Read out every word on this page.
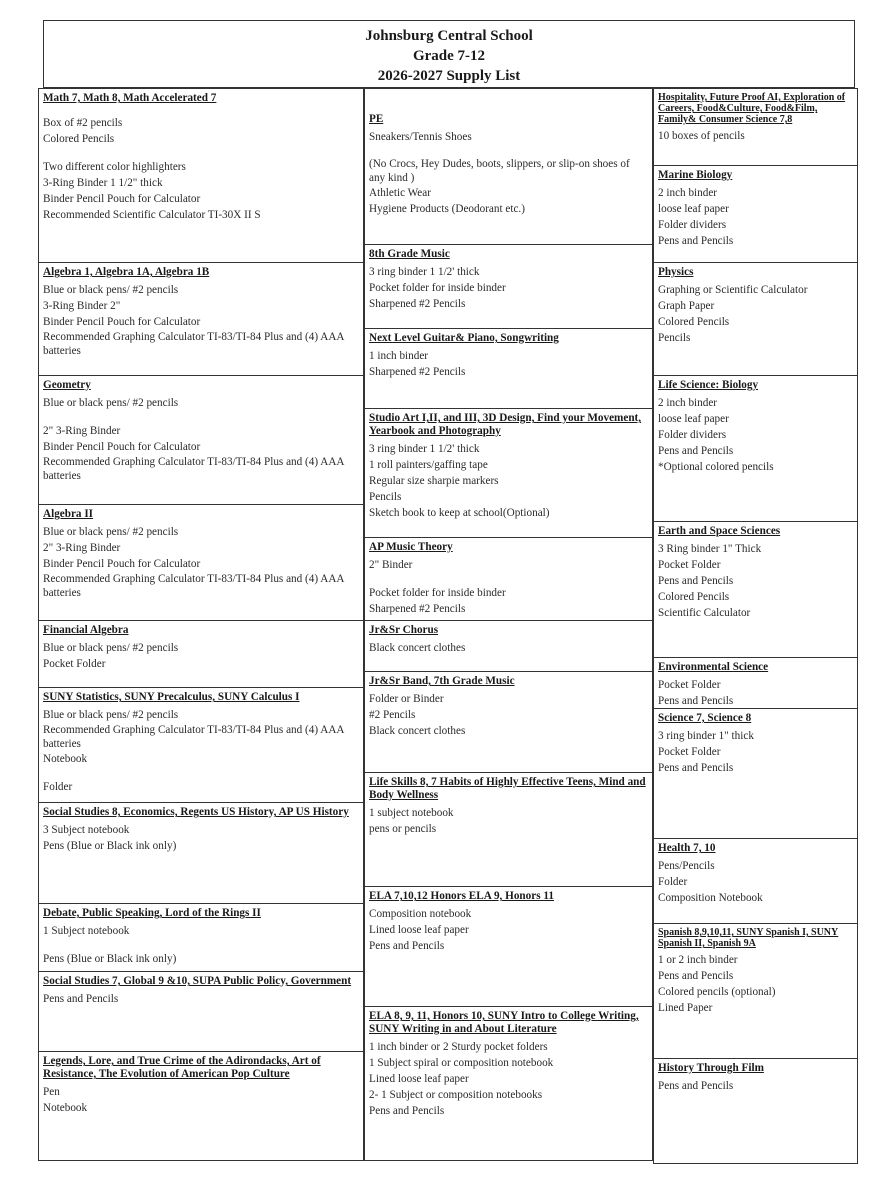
Johnsburg Central School
Grade 7-12
2026-2027 Supply List
Math 7, Math 8, Math Accelerated 7
Box of #2 pencils
Colored Pencils
Two different color highlighters
3-Ring Binder 1 1/2" thick
Binder Pencil Pouch for Calculator
Recommended Scientific Calculator TI-30X II S
Algebra 1, Algebra 1A, Algebra 1B
Blue or black pens/ #2 pencils
3-Ring Binder 2"
Binder Pencil Pouch for Calculator
Recommended Graphing Calculator TI-83/TI-84 Plus and (4) AAA batteries
Geometry
Blue or black pens/ #2 pencils
2" 3-Ring Binder
Binder Pencil Pouch for Calculator
Recommended Graphing Calculator TI-83/TI-84 Plus and (4) AAA batteries
Algebra II
Blue or black pens/ #2 pencils
2" 3-Ring Binder
Binder Pencil Pouch for Calculator
Recommended Graphing Calculator TI-83/TI-84 Plus and (4) AAA batteries
Financial Algebra
Blue or black pens/ #2 pencils
Pocket Folder
SUNY Statistics, SUNY Precalculus, SUNY Calculus I
Blue or black pens/ #2 pencils
Recommended Graphing Calculator TI-83/TI-84 Plus and (4) AAA batteries
Notebook
Folder
Social Studies 8, Economics, Regents US History, AP US History
3 Subject notebook
Pens (Blue or Black ink only)
Debate, Public Speaking, Lord of the Rings II
1 Subject notebook
Pens (Blue or Black ink only)
Social Studies 7, Global 9 &10, SUPA Public Policy, Government
Pens and Pencils
Legends, Lore, and True Crime of the Adirondacks, Art of Resistance, The Evolution of American Pop Culture
Pen
Notebook
PE
Sneakers/Tennis Shoes
(No Crocs, Hey Dudes, boots, slippers, or slip-on shoes of any kind )
Athletic Wear
Hygiene Products (Deodorant etc.)
8th Grade Music
3 ring binder 1 1/2' thick
Pocket folder for inside binder
Sharpened #2 Pencils
Next Level Guitar& Piano, Songwriting
1 inch binder
Sharpened #2 Pencils
Studio Art I,II, and III, 3D Design, Find your Movement, Yearbook and Photography
3 ring binder 1 1/2' thick
1 roll painters/gaffing tape
Regular size sharpie markers
Pencils
Sketch book to keep at school(Optional)
AP Music Theory
2" Binder
Pocket folder for inside binder
Sharpened #2 Pencils
Jr&Sr Chorus
Black concert clothes
Jr&Sr Band, 7th Grade Music
Folder or Binder
#2 Pencils
Black concert clothes
Life Skills 8, 7 Habits of Highly Effective Teens, Mind and Body Wellness
1 subject notebook
pens or pencils
ELA 7,10,12 Honors ELA 9, Honors 11
Composition notebook
Lined loose leaf paper
Pens and Pencils
ELA 8, 9, 11, Honors 10, SUNY Intro to College Writing, SUNY Writing in and About Literature
1 inch binder or 2 Sturdy pocket folders
1 Subject spiral or composition notebook
Lined loose leaf paper
2- 1 Subject or composition notebooks
Pens and Pencils
Hospitality, Future Proof AI, Exploration of Careers, Food&Culture, Food&Film, Family& Consumer Science 7,8
10 boxes of pencils
Marine Biology
2 inch binder
loose leaf paper
Folder dividers
Pens and Pencils
Physics
Graphing or Scientific Calculator
Graph Paper
Colored Pencils
Pencils
Life Science: Biology
2 inch binder
loose leaf paper
Folder dividers
Pens and Pencils
*Optional colored pencils
Earth and Space Sciences
3 Ring binder 1" Thick
Pocket Folder
Pens and Pencils
Colored Pencils
Scientific Calculator
Environmental Science
Pocket Folder
Pens and Pencils
Science 7, Science 8
3 ring binder 1" thick
Pocket Folder
Pens and Pencils
Health 7, 10
Pens/Pencils
Folder
Composition Notebook
Spanish 8,9,10,11, SUNY Spanish I, SUNY Spanish II, Spanish 9A
1 or 2 inch binder
Pens and Pencils
Colored pencils (optional)
Lined Paper
History Through Film
Pens and Pencils
